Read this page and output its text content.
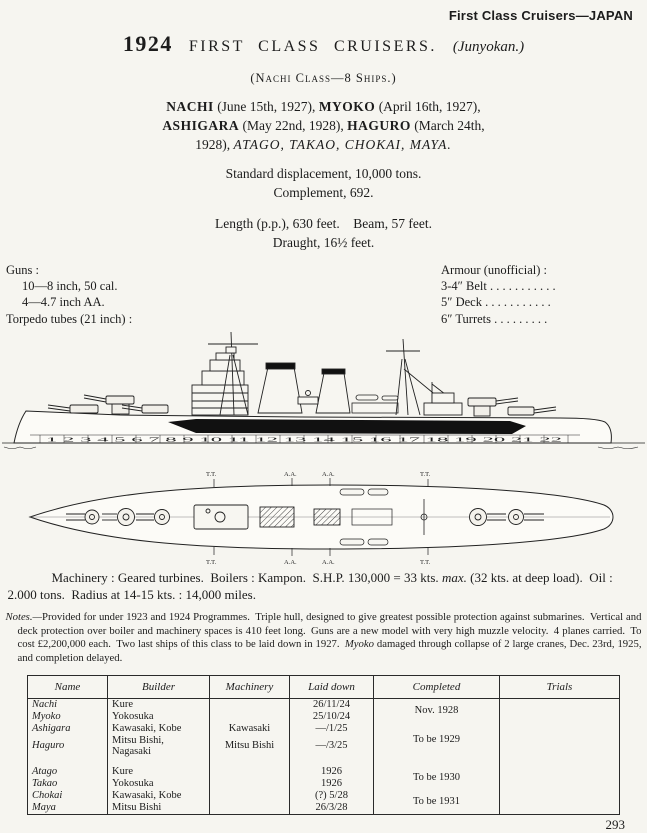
First Class Cruisers—JAPAN
1924 FIRST CLASS CRUISERS. (Junyokan.)
(Nachi Class—8 Ships.)

NACHI (June 15th, 1927), MYOKO (April 16th, 1927), ASHIGARA (May 22nd, 1928), HAGURO (March 24th, 1928), ATAGO, TAKAO, CHOKAI, MAYA.

Standard displacement, 10,000 tons.
Complement, 692.
Length (p.p.), 630 feet.  Beam, 57 feet.
Draught, 16½ feet.
Guns :
10—8 inch, 50 cal.
4—4.7 inch AA.
Torpedo tubes (21 inch) :
Armour (unofficial) :
3-4″ Belt . . . . . . . . . . .
5″ Deck . . . . . . . . . . .
6″ Turrets . . . . . . . . .
1 2 3 4 5 6 7 8 9 10 11 12 13 14 15 16 17 18 19 20 21 22
T.T.	T.T.
T.T.	T.T.
A.A.	A.A.
A.A.	A.A.

Machinery : Geared turbines. Boilers : Kampon. S.H.P. 130,000 = 33 kts. max. (32 kts. at deep load). Oil : 2.000 tons. Radius at 14-15 kts. : 14,000 miles.

Notes.—Provided for under 1923 and 1924 Programmes. Triple hull, designed to give greatest possible protection against submarines. Vertical and deck protection over boiler and machinery spaces is 410 feet long. Guns are a new model with very high muzzle velocity. 4 planes carried. To cost £2,200,000 each. Two last ships of this class to be laid down in 1927. Myoko damaged through collapse of 2 large cranes, Dec. 23rd, 1925, and completion delayed.

Name	Builder	Machinery	Laid down	Completed	Trials
Nachi	Kure		26/11/24	Nov. 1928	
Myoko	Yokosuka		25/10/24		
Ashigara	Kawasaki, Kobe	Kawasaki	—/1/25	To be 1929	
Haguro	Mitsu Bishi, Nagasaki	Mitsu Bishi	—/3/25		

Atago	Kure		1926	To be 1930	
Takao	Yokosuka		1926		
Chokai	Kawasaki, Kobe		(?) 5/28	To be 1931	
Maya	Mitsu Bishi		26/3/28		
293
